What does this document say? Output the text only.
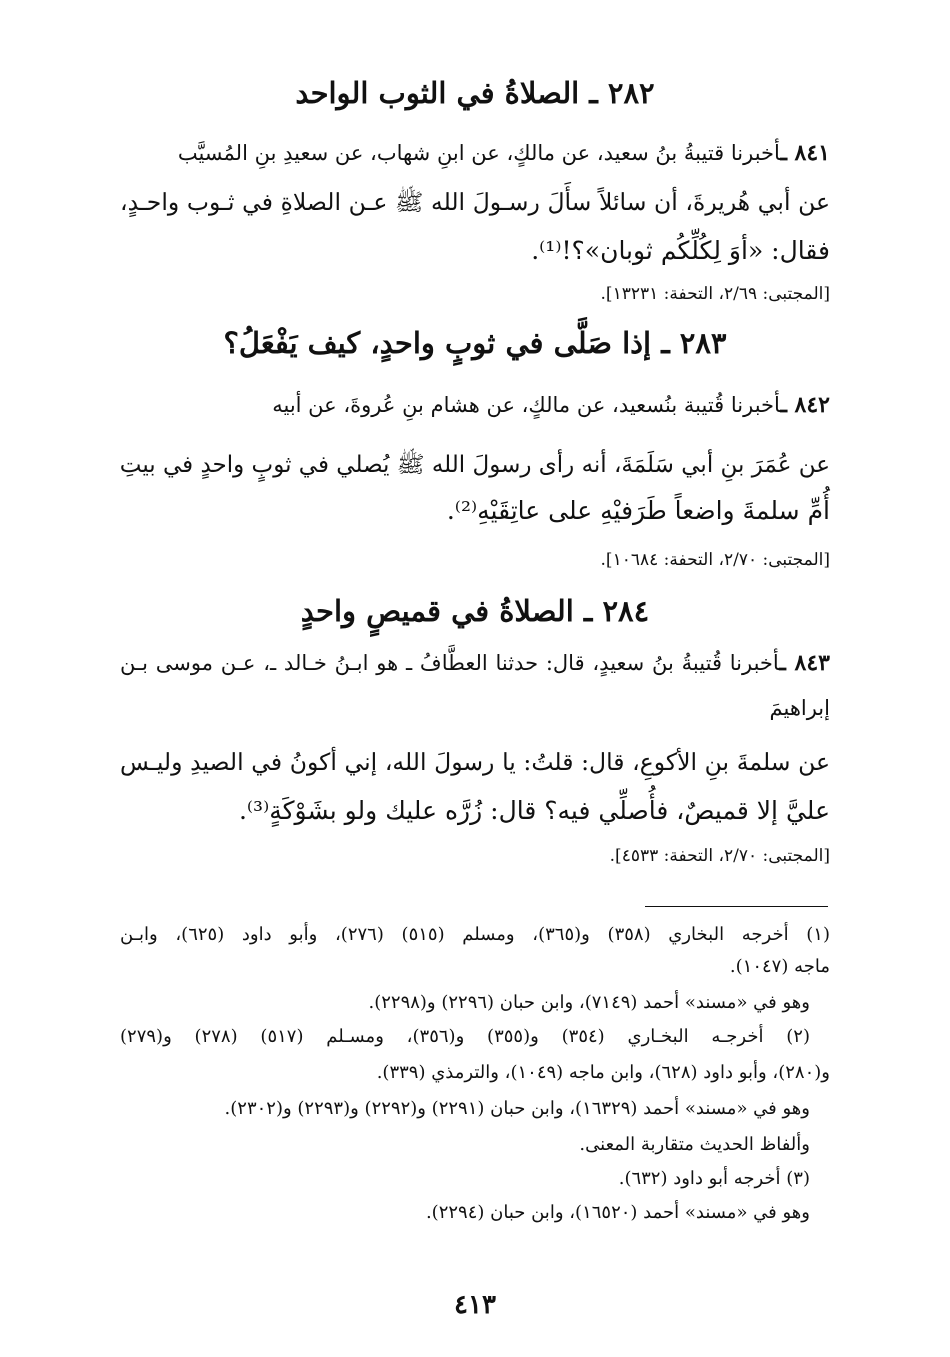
٢٨٢ ـ الصلاةُ في الثوب الواحد
٨٤١ ـأخبرنا قتيبةُ بنُ سعيد، عن مالكٍ، عن ابنِ شهاب، عن سعيدِ بنِ المُسيَّب
عن أبي هُريرةَ، أن سائلاً سأَلَ رسـولَ الله ﷺ عـن الصلاةِ في ثـوب واحـدٍ،
فقال: «أوَ لِكُلِّكُم ثوبان»؟!⁽¹⁾.
[المجتبى: ٢/٦٩، التحفة: ١٣٢٣١].
٢٨٣ ـ إذا صَلَّى في ثوبٍ واحدٍ، كيف يَفْعَلُ؟
٨٤٢ ـأخبرنا قُتيبة بنُسعيد، عن مالكٍ، عن هشام بنِ عُروةَ، عن أبيه
عن عُمَرَ بنِ أبي سَلَمَةَ، أنه رأى رسولَ الله ﷺ يُصلي في ثوبٍ واحدٍ في بيتِ
أُمِّ سلمةَ واضعاً طَرَفيْهِ على عاتِقَيْهِ⁽²⁾.
[المجتبى: ٢/٧٠، التحفة: ١٠٦٨٤].
٢٨٤ ـ الصلاةُ في قميصٍ واحدٍ
٨٤٣ ـأخبرنا قُتيبةُ بنُ سعيدٍ، قال: حدثنا العطَّافُ ـ هو ابـنُ خـالد ـ، عـن موسى بـن
إبراهيمَ
عن سلمةَ بنِ الأكوعِ، قال: قلتُ: يا رسولَ الله، إني أكونُ في الصيدِ وليـس
عليَّ إلا قميصٌ، فأُصلِّي فيه؟ قال: زُرَّه عليك ولو بشَوْكَةٍ⁽³⁾.
[المجتبى: ٢/٧٠، التحفة: ٤٥٣٣].
(١) أخرجه البخاري (٣٥٨) و(٣٦٥)، ومسلم (٥١٥) (٢٧٦)، وأبو داود (٦٢٥)، وابـن
ماجه (١٠٤٧).
وهو في «مسند» أحمد (٧١٤٩)، وابن حبان (٢٢٩٦) و(٢٢٩٨).
(٢) أخرجـه البخـاري (٣٥٤) و(٣٥٥) و(٣٥٦)، ومسـلم (٥١٧) (٢٧٨) و(٢٧٩)
و(٢٨٠)، وأبو داود (٦٢٨)، وابن ماجه (١٠٤٩)، والترمذي (٣٣٩).
وهو في «مسند» أحمد (١٦٣٢٩)، وابن حبان (٢٢٩١) و(٢٢٩٢) و(٢٢٩٣) و(٢٣٠٢).
وألفاظ الحديث متقاربة المعنى.
(٣) أخرجه أبو داود (٦٣٢).
وهو في «مسند» أحمد (١٦٥٢٠)، وابن حبان (٢٢٩٤).
٤١٣
